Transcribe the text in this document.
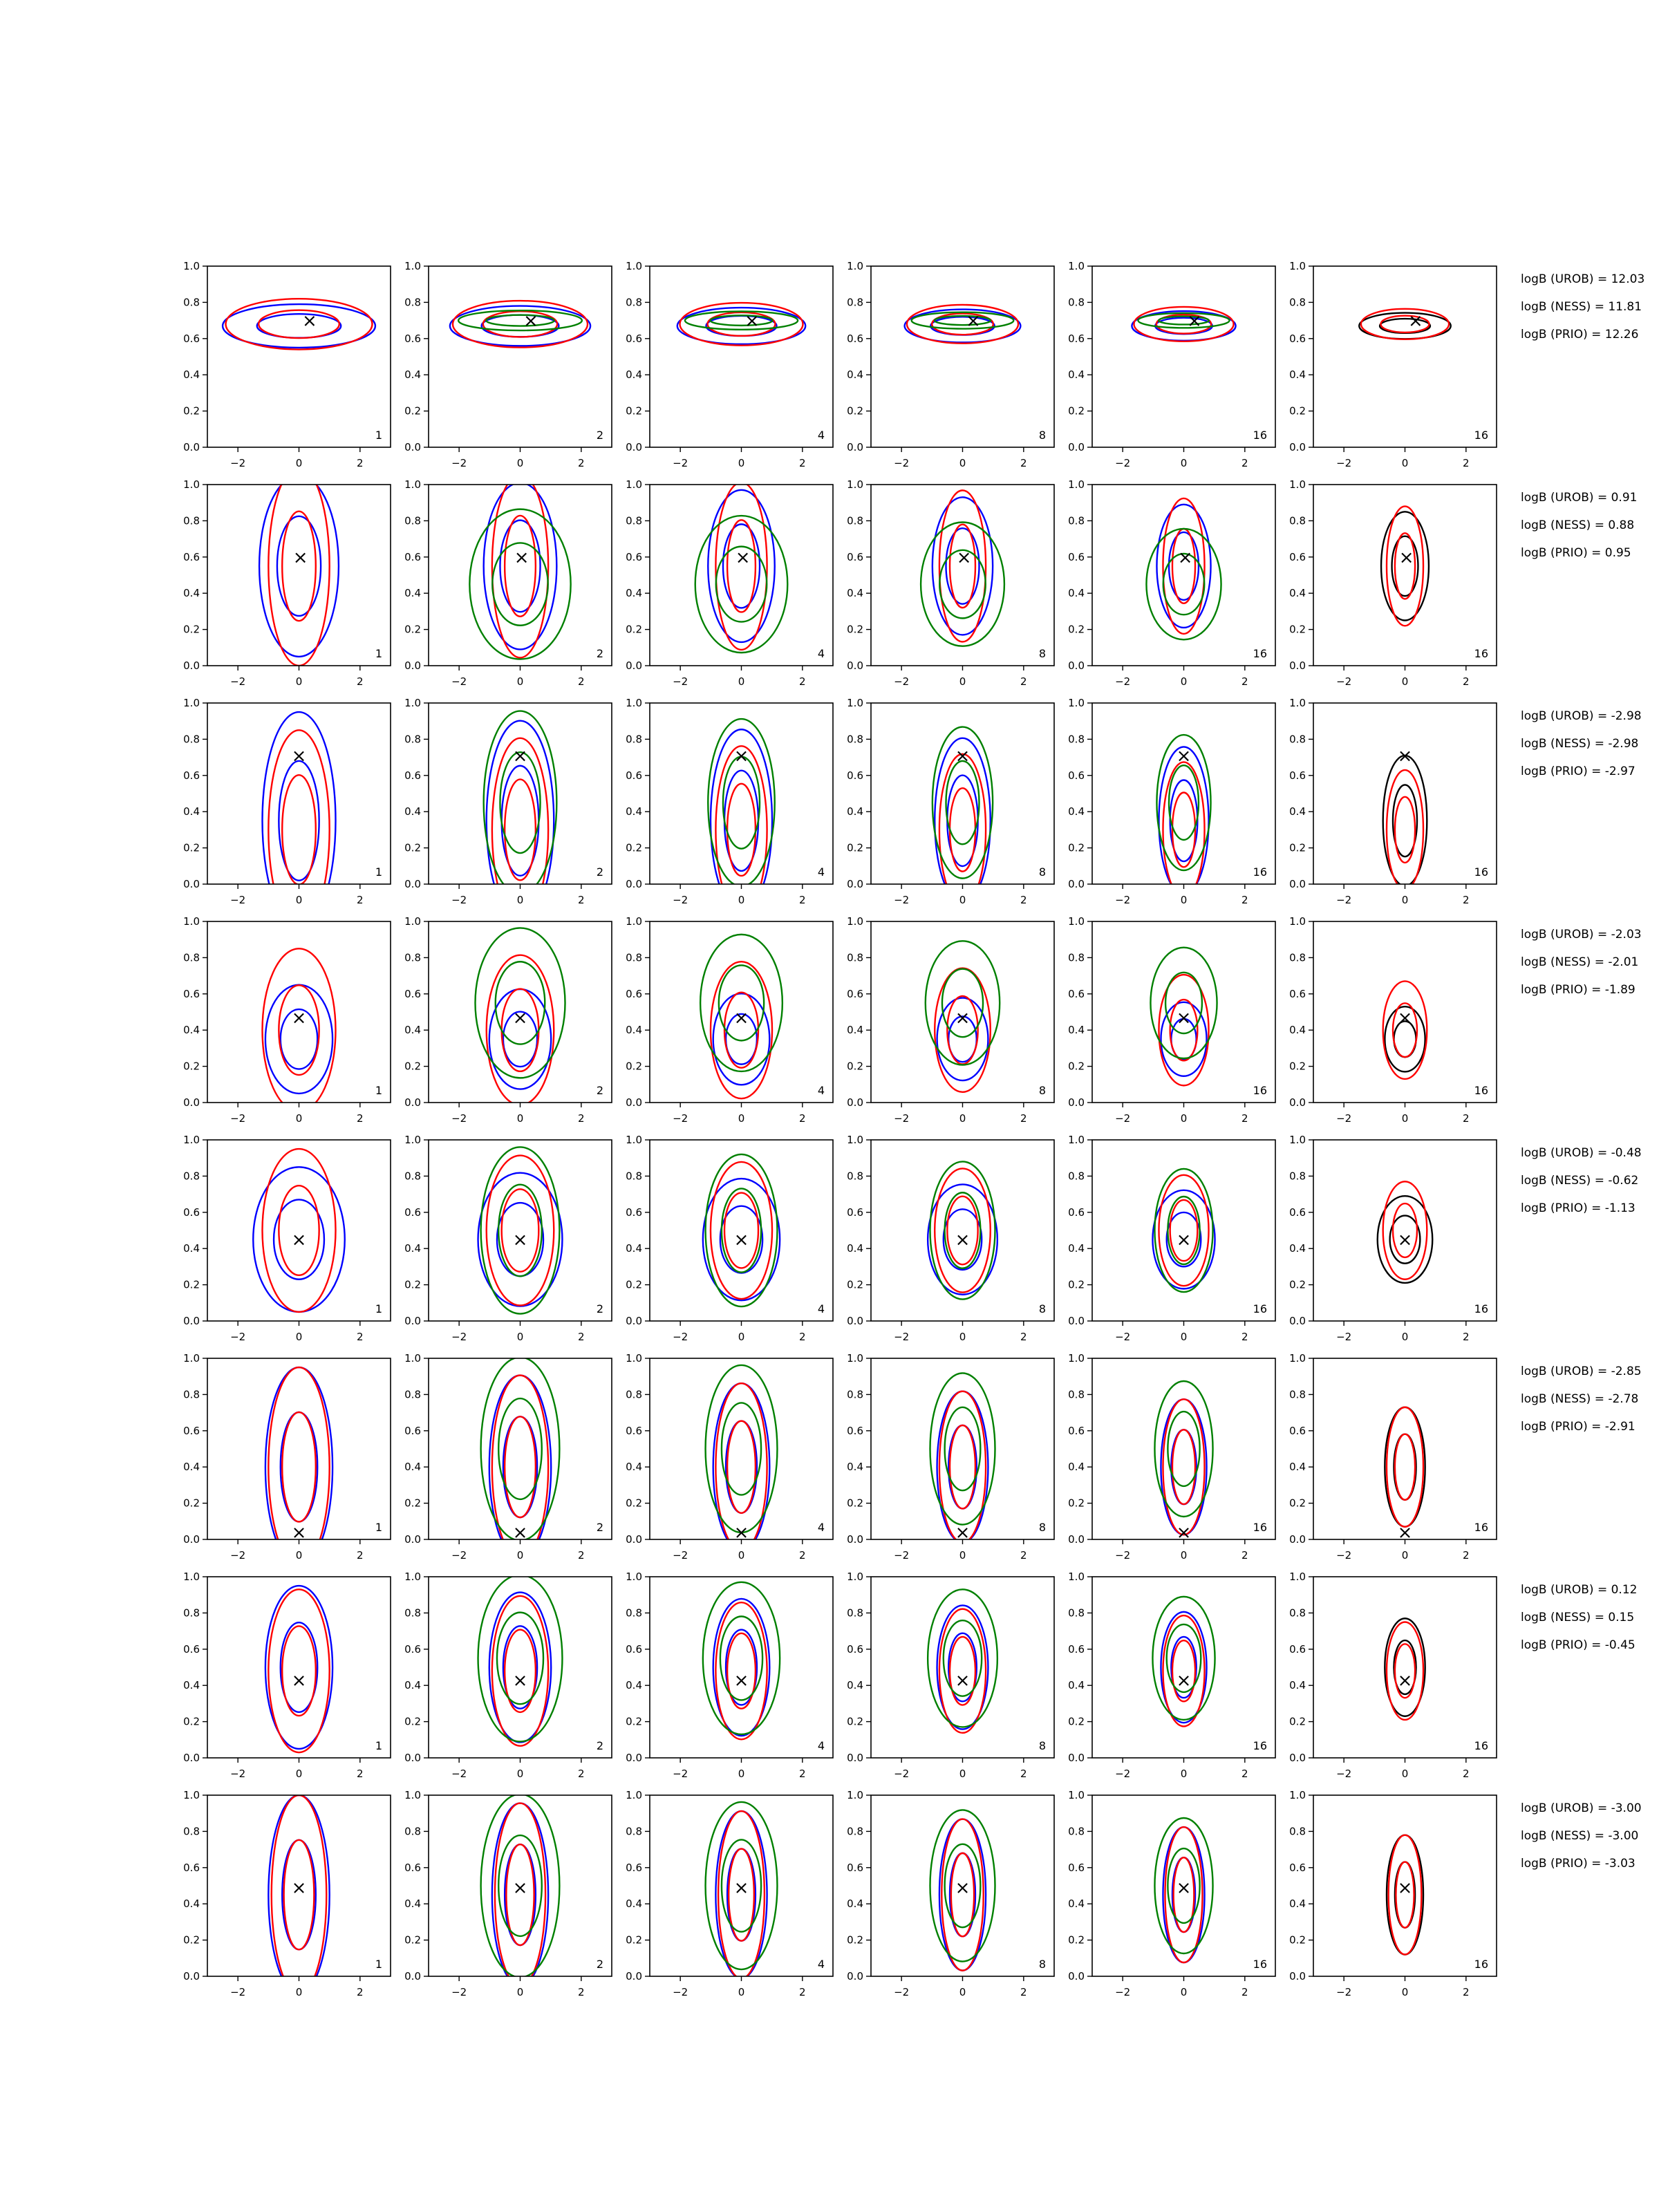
×
−2	0	2
0.0
0.2
0.4
0.6
0.8
1.0
1
×
−2	0	2
0.0
0.2
0.4
0.6
0.8
1.0
2
×
−2	0	2
0.0
0.2
0.4
0.6
0.8
1.0
4
×
−2	0	2
0.0
0.2
0.4
0.6
0.8
1.0
8
×
−2	0	2
0.0
0.2
0.4
0.6
0.8
1.0
16
×
−2	0	2
0.0
0.2
0.4
0.6
0.8
1.0
16
logB (UROB) = 12.03
logB (NESS) = 11.81
logB (PRIO) = 12.26
×
−2	0	2
0.0
0.2
0.4
0.6
0.8
1.0
1
×
−2	0	2
0.0
0.2
0.4
0.6
0.8
1.0
2
×
−2	0	2
0.0
0.2
0.4
0.6
0.8
1.0
4
×
−2	0	2
0.0
0.2
0.4
0.6
0.8
1.0
8
×
−2	0	2
0.0
0.2
0.4
0.6
0.8
1.0
16
×
−2	0	2
0.0
0.2
0.4
0.6
0.8
1.0
16
logB (UROB) = 0.91
logB (NESS) = 0.88
logB (PRIO) = 0.95
×
−2	0	2
0.0
0.2
0.4
0.6
0.8
1.0
1
×
−2	0	2
0.0
0.2
0.4
0.6
0.8
1.0
2
×
−2	0	2
0.0
0.2
0.4
0.6
0.8
1.0
4
×
−2	0	2
0.0
0.2
0.4
0.6
0.8
1.0
8
×
−2	0	2
0.0
0.2
0.4
0.6
0.8
1.0
16
×
−2	0	2
0.0
0.2
0.4
0.6
0.8
1.0
16
logB (UROB) = -2.98
logB (NESS) = -2.98
logB (PRIO) = -2.97
×
−2	0	2
0.0
0.2
0.4
0.6
0.8
1.0
1
×
−2	0	2
0.0
0.2
0.4
0.6
0.8
1.0
2
×
−2	0	2
0.0
0.2
0.4
0.6
0.8
1.0
4
×
−2	0	2
0.0
0.2
0.4
0.6
0.8
1.0
8
×
−2	0	2
0.0
0.2
0.4
0.6
0.8
1.0
16
×
−2	0	2
0.0
0.2
0.4
0.6
0.8
1.0
16
logB (UROB) = -2.03
logB (NESS) = -2.01
logB (PRIO) = -1.89
×
−2	0	2
0.0
0.2
0.4
0.6
0.8
1.0
1
×
−2	0	2
0.0
0.2
0.4
0.6
0.8
1.0
2
×
−2	0	2
0.0
0.2
0.4
0.6
0.8
1.0
4
×
−2	0	2
0.0
0.2
0.4
0.6
0.8
1.0
8
×
−2	0	2
0.0
0.2
0.4
0.6
0.8
1.0
16
×
−2	0	2
0.0
0.2
0.4
0.6
0.8
1.0
16
logB (UROB) = -0.48
logB (NESS) = -0.62
logB (PRIO) = -1.13
×
−2	0	2
0.0
0.2
0.4
0.6
0.8
1.0
1	×
−2	0	2
0.0
0.2
0.4
0.6
0.8
1.0
2	×
−2	0	2
0.0
0.2
0.4
0.6
0.8
1.0
4	×
−2	0	2
0.0
0.2
0.4
0.6
0.8
1.0
8	×
−2	0	2
0.0
0.2
0.4
0.6
0.8
1.0
16	×
−2	0	2
0.0
0.2
0.4
0.6
0.8
1.0
16
logB (UROB) = -2.85
logB (NESS) = -2.78
logB (PRIO) = -2.91
×
−2	0	2
0.0
0.2
0.4
0.6
0.8
1.0
1
×
−2	0	2
0.0
0.2
0.4
0.6
0.8
1.0
2
×
−2	0	2
0.0
0.2
0.4
0.6
0.8
1.0
4
×
−2	0	2
0.0
0.2
0.4
0.6
0.8
1.0
8
×
−2	0	2
0.0
0.2
0.4
0.6
0.8
1.0
16
×
−2	0	2
0.0
0.2
0.4
0.6
0.8
1.0
16
logB (UROB) = 0.12
logB (NESS) = 0.15
logB (PRIO) = -0.45
×
−2	0	2
0.0
0.2
0.4
0.6
0.8
1.0
1
×
−2	0	2
0.0
0.2
0.4
0.6
0.8
1.0
2
×
−2	0	2
0.0
0.2
0.4
0.6
0.8
1.0
4
×
−2	0	2
0.0
0.2
0.4
0.6
0.8
1.0
8
×
−2	0	2
0.0
0.2
0.4
0.6
0.8
1.0
16
×
−2	0	2
0.0
0.2
0.4
0.6
0.8
1.0
16
logB (UROB) = -3.00
logB (NESS) = -3.00
logB (PRIO) = -3.03
